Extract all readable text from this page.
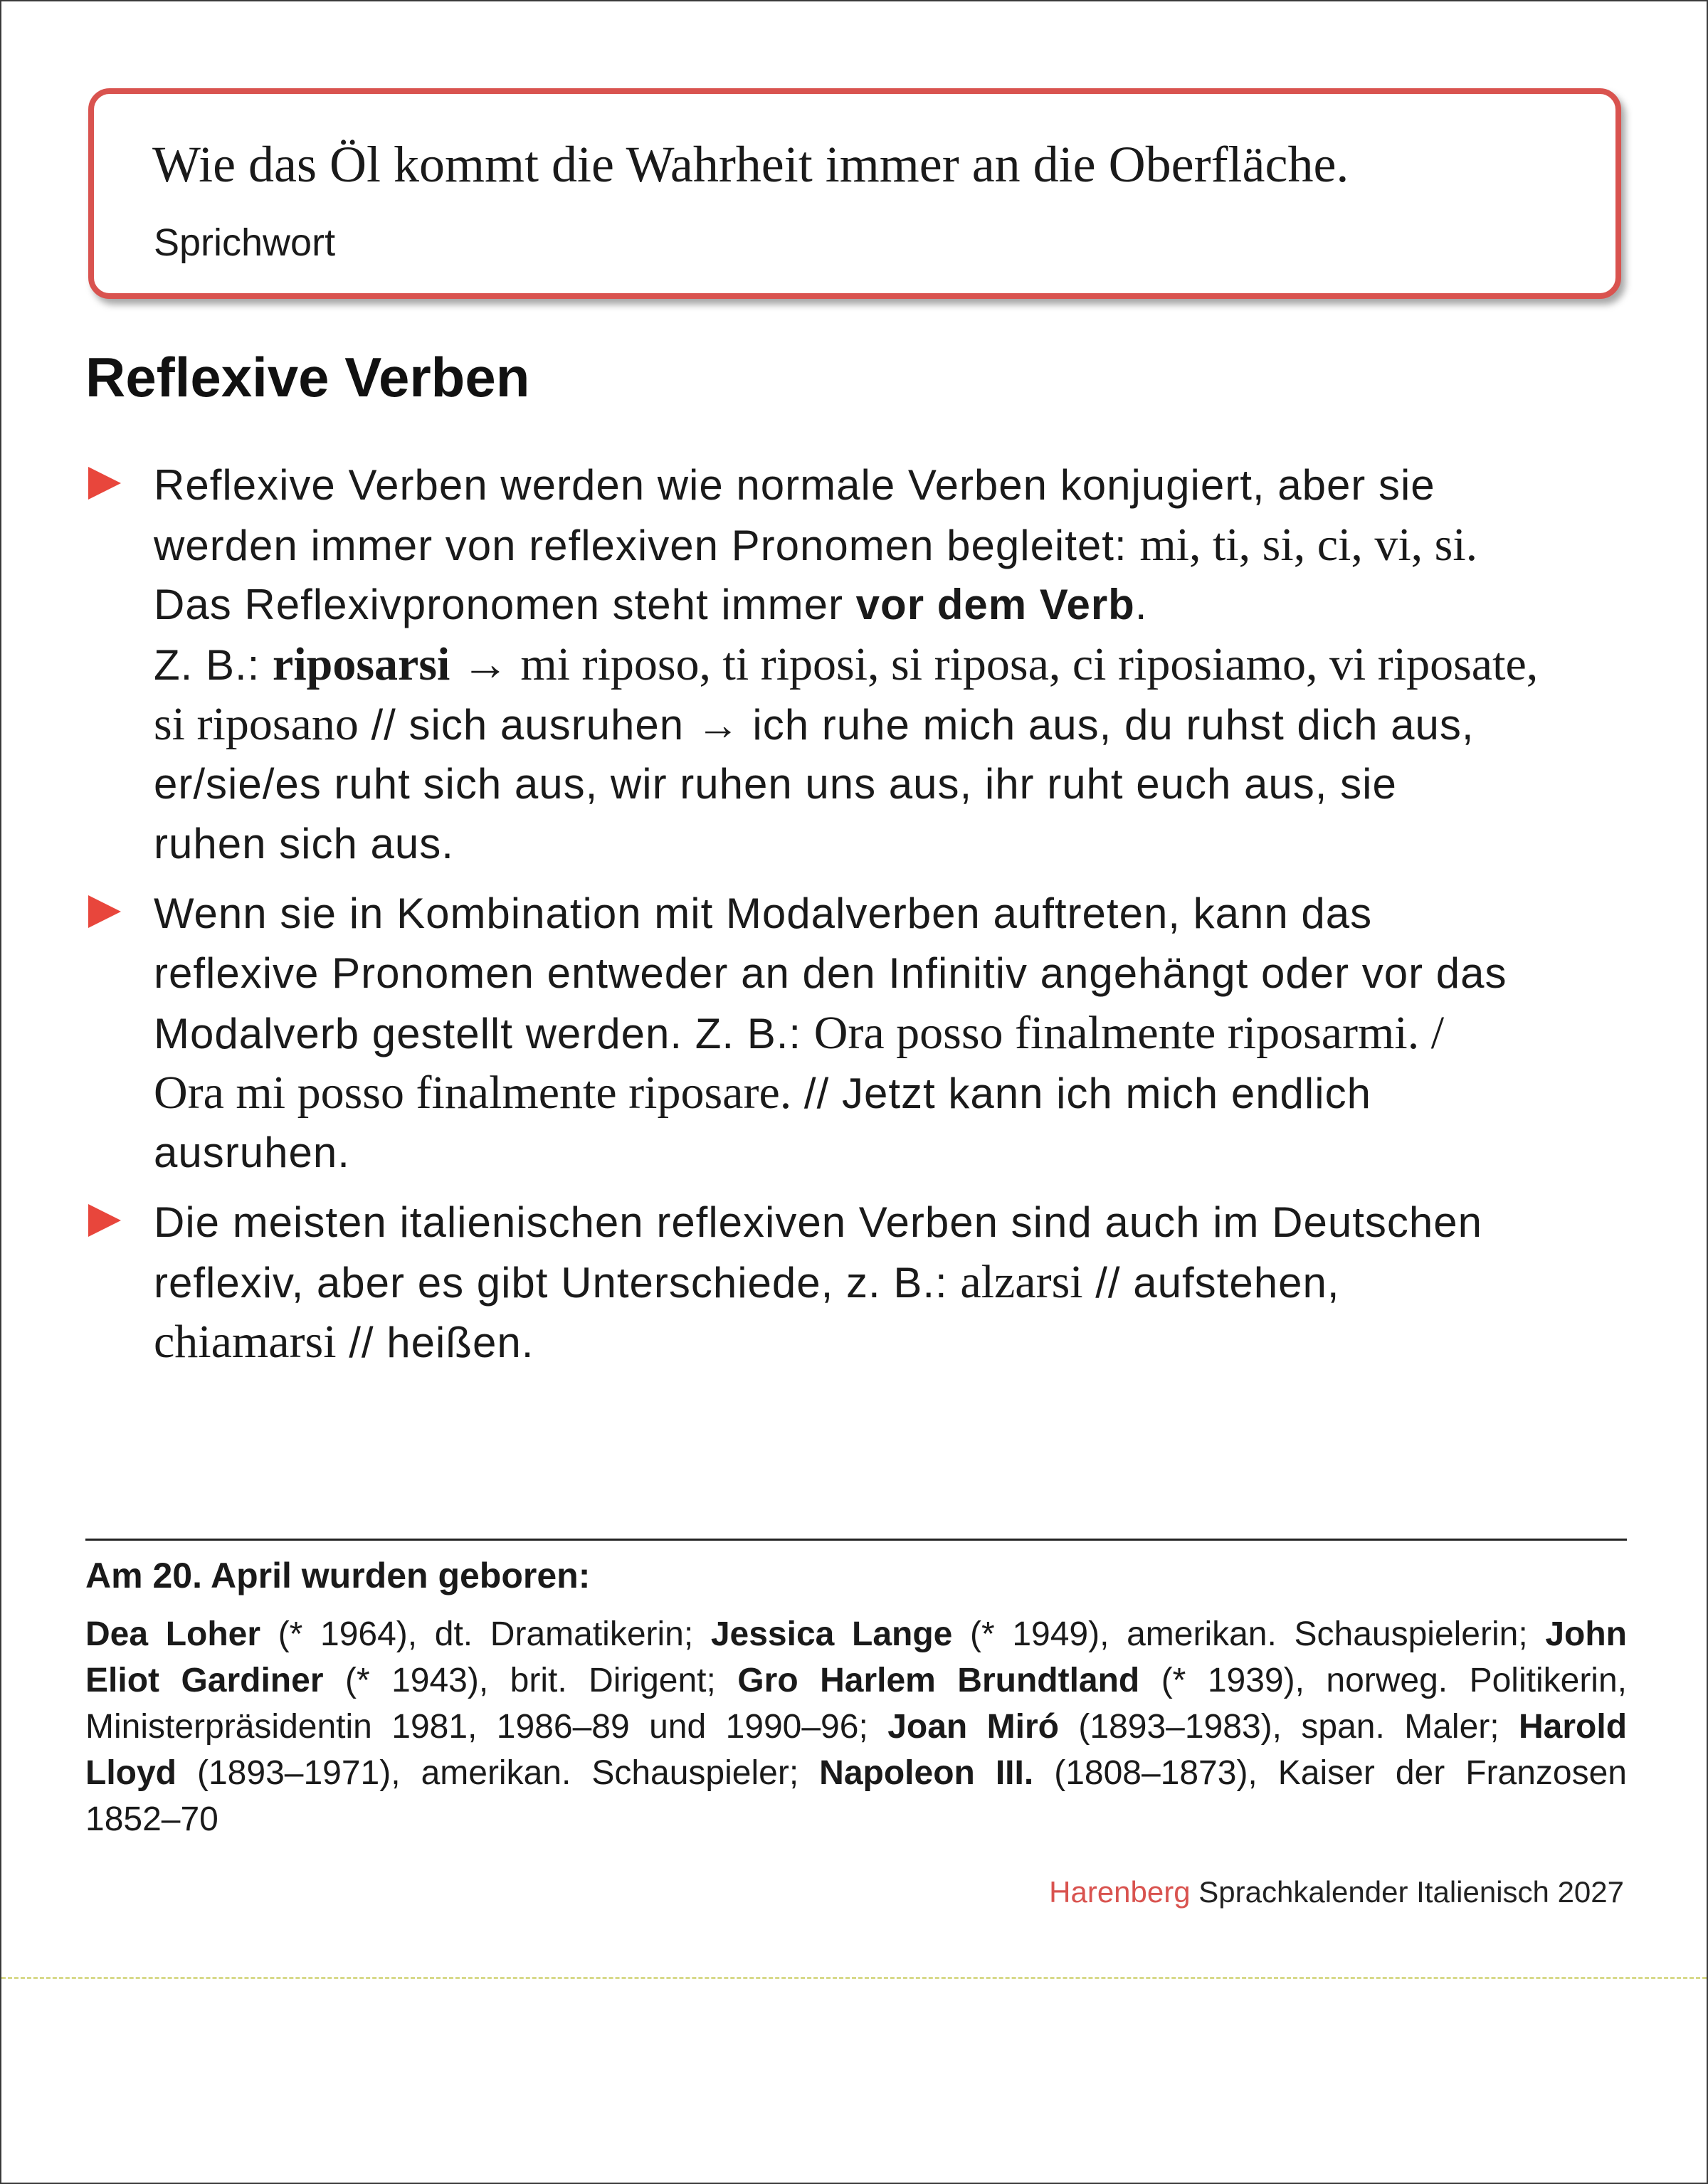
Wie das Öl kommt die Wahrheit immer an die Oberfläche.
Sprichwort
Reflexive Verben
Reflexive Verben werden wie normale Verben konjugiert, aber sie
werden immer von reflexiven Pronomen begleitet: mi, ti, si, ci, vi, si.
Das Reflexivpronomen steht immer vor dem Verb.
Z. B.: riposarsi → mi riposo, ti riposi, si riposa, ci riposiamo, vi riposate,
si riposano // sich ausruhen → ich ruhe mich aus, du ruhst dich aus,
er/sie/es ruht sich aus, wir ruhen uns aus, ihr ruht euch aus, sie
ruhen sich aus.
Wenn sie in Kombination mit Modalverben auftreten, kann das
reflexive Pronomen entweder an den Infinitiv angehängt oder vor das
Modalverb gestellt werden. Z. B.: Ora posso finalmente riposarmi. /
Ora mi posso finalmente riposare. // Jetzt kann ich mich endlich
ausruhen.
Die meisten italienischen reflexiven Verben sind auch im Deutschen
reflexiv, aber es gibt Unterschiede, z. B.: alzarsi // aufstehen,
chiamarsi // heißen.
Am 20. April wurden geboren:
Dea Loher (* 1964), dt. Dramatikerin; Jessica Lange (* 1949), amerikan. Schauspielerin; John
Eliot Gardiner (* 1943), brit. Dirigent; Gro Harlem Brundtland (* 1939), norweg. Politikerin,
Ministerpräsidentin 1981, 1986–89 und 1990–96; Joan Miró (1893–1983), span. Maler; Harold
Lloyd (1893–1971), amerikan. Schauspieler; Napoleon III. (1808–1873), Kaiser der Franzosen
1852–70
Harenberg Sprachkalender Italienisch 2027
